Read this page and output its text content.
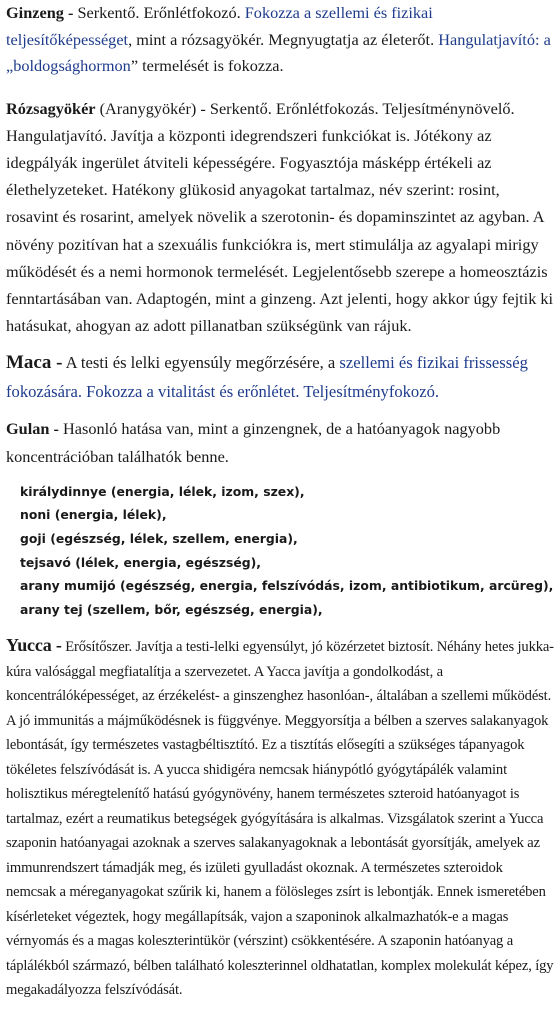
Ginzeng - Serkentő. Erőnlétfokozó. Fokozza a szellemi és fizikai teljesítőképességet, mint a rózsagyökér. Megnyugtatja az életerőt. Hangulatjavító: a „boldogsághormon” termelését is fokozza.

Rózsagyökér (Aranygyökér) - Serkentő. Erőnlétfokozás. Teljesítménynövelő. Hangulatjavító. Javítja a központi idegrendszeri funkciókat is. Jótékony az idegpályák ingerület átviteli képességére. Fogyasztója másképp értékeli az élethelyzeteket. Hatékony glükosid anyagokat tartalmaz, név szerint: rosint, rosavint és rosarint, amelyek növelik a szerotonin- és dopaminszintet az agyban. A növény pozitívan hat a szexuális funkciókra is, mert stimulálja az agyalapi mirigy működését és a nemi hormonok termelését. Legjelentősebb szerepe a homeosztázis fenntartásában van. Adaptogén, mint a ginzeng. Azt jelenti, hogy akkor úgy fejtik ki hatásukat, ahogyan az adott pillanatban szükségünk van rájuk.

Maca - A testi és lelki egyensúly megőrzésére, a szellemi és fizikai frissesség fokozására. Fokozza a vitalitást és erőnlétet. Teljesítményfokozó.

Gulan - Hasonló hatása van, mint a ginzengnek, de a hatóanyagok nagyobb koncentrációban találhatók benne.

királydinnye (energia, lélek, izom, szex),
noni (energia, lélek),
goji (egészség, lélek, szellem, energia),
tejsavó (lélek, energia, egészség),
arany mumijó (egészség, energia, felszívódás, izom, antibiotikum, arcüreg),
arany tej (szellem, bőr, egészség, energia),

Yucca - Erősítőszer. Javítja a testi-lelki egyensúlyt, jó közérzetet biztosít. Néhány hetes jukka-kúra valósággal megfiatalítja a szervezetet. A Yacca javítja a gondolkodást, a koncentrálóképességet, az érzékelést- a ginszenghez hasonlóan-, általában a szellemi működést. A jó immunitás a májműködésnek is függvénye. Meggyorsítja a bélben a szerves salakanyagok lebontását, így természetes vastagbéltisztító. Ez a tisztítás elősegíti a szükséges tápanyagok tökéletes felszívódását is. A yucca shidigéra nemcsak hiánypótló gyógytápálék valamint holisztikus méregtelenítő hatású gyógynövény, hanem természetes szteroid hatóanyagot is tartalmaz, ezért a reumatikus betegségek gyógyítására is alkalmas. Vizsgálatok szerint a Yucca szaponin hatóanyagai azoknak a szerves salakanyagoknak a lebontását gyorsítják, amelyek az immunrendszert támadják meg, és izületi gyulladást okoznak. A természetes szteroidok nemcsak a méreganyagokat szűrik ki, hanem a fölösleges zsírt is lebontják. Ennek ismeretében kísérleteket végeztek, hogy megállapítsák, vajon a szaponinok alkalmazhatók-e a magas vérnyomás és a magas koleszterintükör (vérszint) csökkentésére. A szaponin hatóanyag a táplálékból származó, bélben található koleszterinnel oldhatatlan, komplex molekulát képez, így megakadályozza felszívódását.
